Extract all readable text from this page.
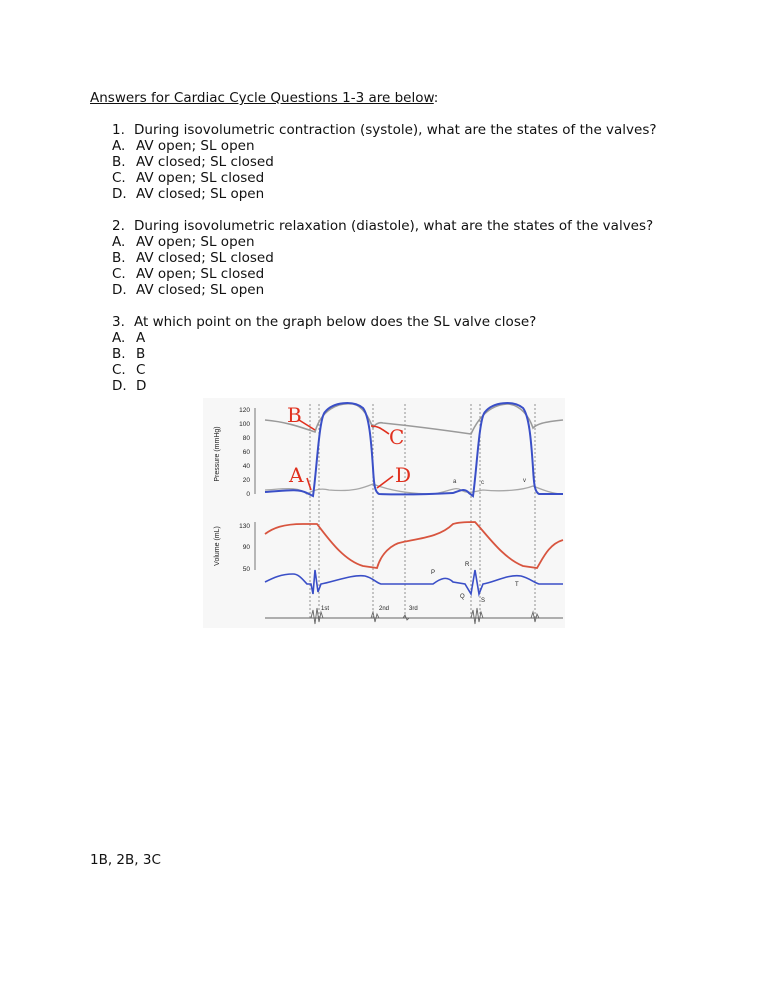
Answers for Cardiac Cycle Questions 1-3 are below:
1. During isovolumetric contraction (systole), what are the states of the valves?
A. AV open; SL open
B. AV closed; SL closed
C. AV open; SL closed
D. AV closed; SL open
2. During isovolumetric relaxation (diastole), what are the states of the valves?
A. AV open; SL open
B. AV closed; SL closed
C. AV open; SL closed
D. AV closed; SL open
3. At which point on the graph below does the SL valve close?
A. A
B. B
C. C
D. D
Pressure (mmHg)
120
100
80
60
40
20
0
Volume (mL)	130
90
50
a	c	v
B
C
A	D
P
R
Q
S
T
1st	2nd	3rd
1B, 2B, 3C
